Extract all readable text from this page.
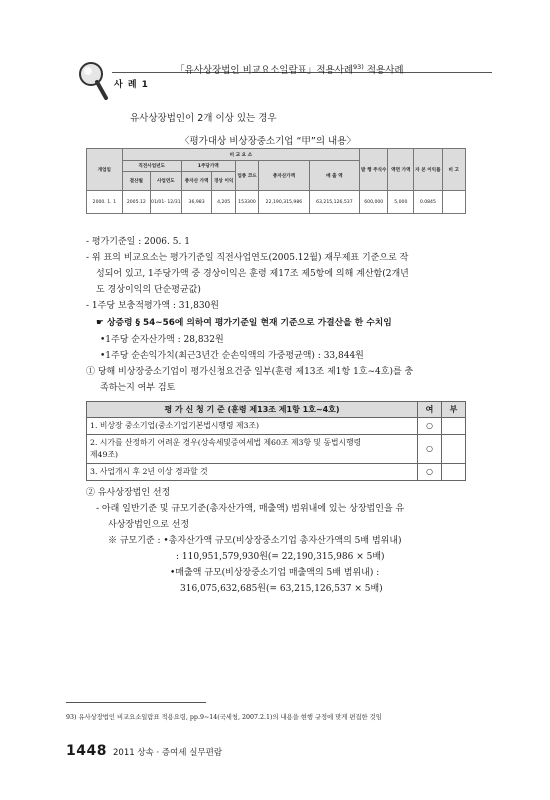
「유사상장법인 비교요소일람표」적용사례$^{93)}$ 적용사례
사 례 1
유사상장법인이 2개 이상 있는 경우
〈평가대상 비상장중소기업 “甲”의 내용〉
개업일	비 교 요 소							발 행 주식수	액면 가액	자 본 이익률	비 고
	직전사업년도		1주당가액		업종 코드	총자산가액	매 출 액				
	결산월	사업연도	총자산 가액	경상 이익							
2000. 1. 1	2005.12	01/01- 12/31	36,983	4,205	153300	22,190,315,986	63,215,126,537	600,000	5,000	0.0845	
- 평가기준일 : 2006. 5. 1
- 위 표의 비교요소는 평가기준일 직전사업연도(2005.12월) 재무제표 기준으로 작
성되어 있고, 1주당가액 중 경상이익은 훈령 제17조 제5항에 의해 계산함(2개년
도 경상이익의 단순평균값)
- 1주당 보충적평가액 : 31,830원
☛ 상증령 § 54∼56에 의하여 평가기준일 현재 기준으로 가결산을 한 수치임
•1주당 순자산가액 : 28,832원
•1주당 순손익가치(최근3년간 순손익액의 가중평균액) : 33,844원
① 당해 비상장중소기업이 평가신청요건중 일부(훈령 제13조 제1항 1호∼4호)를 충
족하는지 여부 검토
평 가 신 청 기 준 (훈령 제13조 제1항 1호∼4호)	여	부
1. 비상장 중소기업(중소기업기본법시행령 제3조)	○	

2. 시가를 산정하기 어려운 경우(상속세및증여세법 제60조 제3항 및 동법시행령
제49조)	○	
3. 사업개시 후 2년 이상 경과할 것	○	
② 유사상장법인 선정
- 아래 일반기준 및 규모기준(총자산가액, 매출액) 범위내에 있는 상장법인을 유
사상장법인으로 선정
※ 규모기준 : •총자산가액 규모(비상장중소기업 총자산가액의 5배 범위내)
: 110,951,579,930원(= 22,190,315,986 × 5배)
•매출액 규모(비상장중소기업 매출액의 5배 범위내) :
316,075,632,685원(= 63,215,126,537 × 5배)
93) 유사상장법인 비교요소일람표 적용요령, pp.9∼14(국세청, 2007.2.1)의 내용을 현행 규정에 맞게 편집한 것임
1448 2011 상속 · 증여세 실무편람
